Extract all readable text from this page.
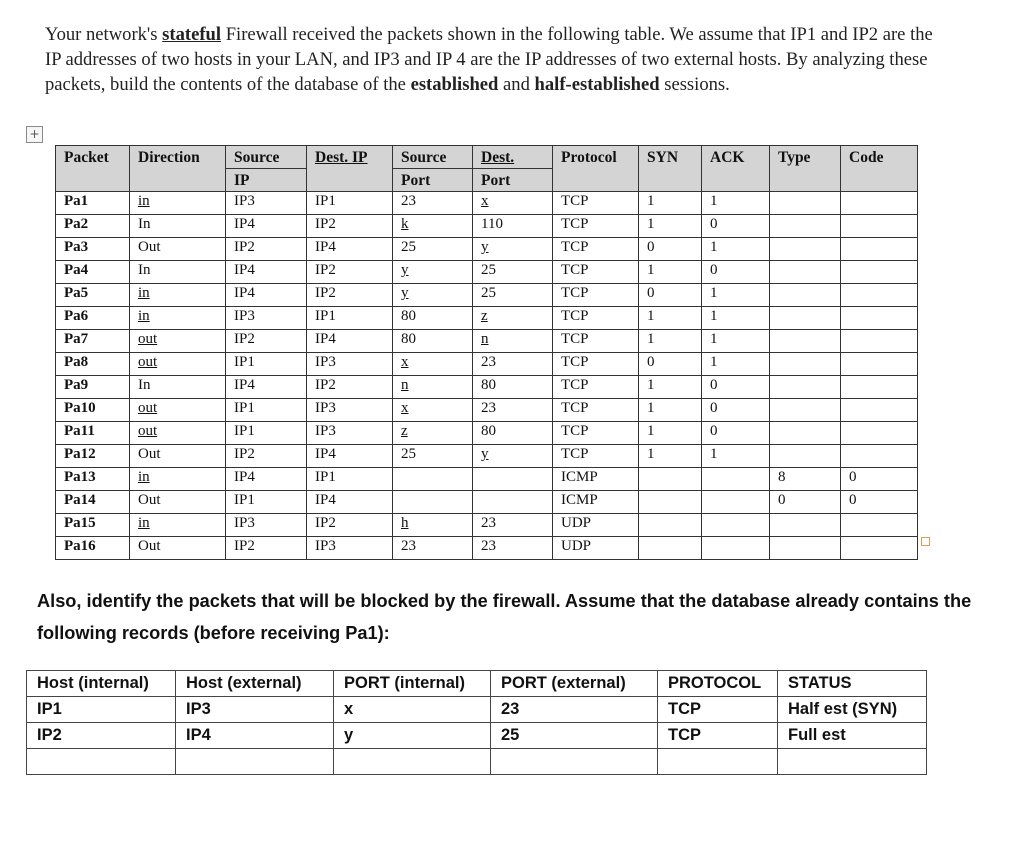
Your network's stateful Firewall received the packets shown in the following table. We assume that IP1 and IP2 are the IP addresses of two hosts in your LAN, and IP3 and IP 4 are the IP addresses of two external hosts. By analyzing these packets, build the contents of the database of the established and half-established sessions.

+
Packet	Direction	Source	Dest. IP	Source	Dest.	Protocol	SYN	ACK	Type	Code
		IP		Port	Port					
Pa1	in	IP3	IP1	23	x	TCP	1	1		
Pa2	In	IP4	IP2	k	110	TCP	1	0		
Pa3	Out	IP2	IP4	25	y	TCP	0	1		
Pa4	In	IP4	IP2	y	25	TCP	1	0		
Pa5	in	IP4	IP2	y	25	TCP	0	1		
Pa6	in	IP3	IP1	80	z	TCP	1	1		
Pa7	out	IP2	IP4	80	n	TCP	1	1		
Pa8	out	IP1	IP3	x	23	TCP	0	1		
Pa9	In	IP4	IP2	n	80	TCP	1	0		
Pa10	out	IP1	IP3	x	23	TCP	1	0		
Pa11	out	IP1	IP3	z	80	TCP	1	0		
Pa12	Out	IP2	IP4	25	y	TCP	1	1		
Pa13	in	IP4	IP1			ICMP			8	0
Pa14	Out	IP1	IP4			ICMP			0	0
Pa15	in	IP3	IP2	h	23	UDP				
Pa16	Out	IP2	IP3	23	23	UDP				

Also, identify the packets that will be blocked by the firewall. Assume that the database already contains the following records (before receiving Pa1):

Host (internal)	Host (external)	PORT (internal)	PORT (external)	PROTOCOL	STATUS
IP1	IP3	x	23	TCP	Half est (SYN)
IP2	IP4	y	25	TCP	Full est
